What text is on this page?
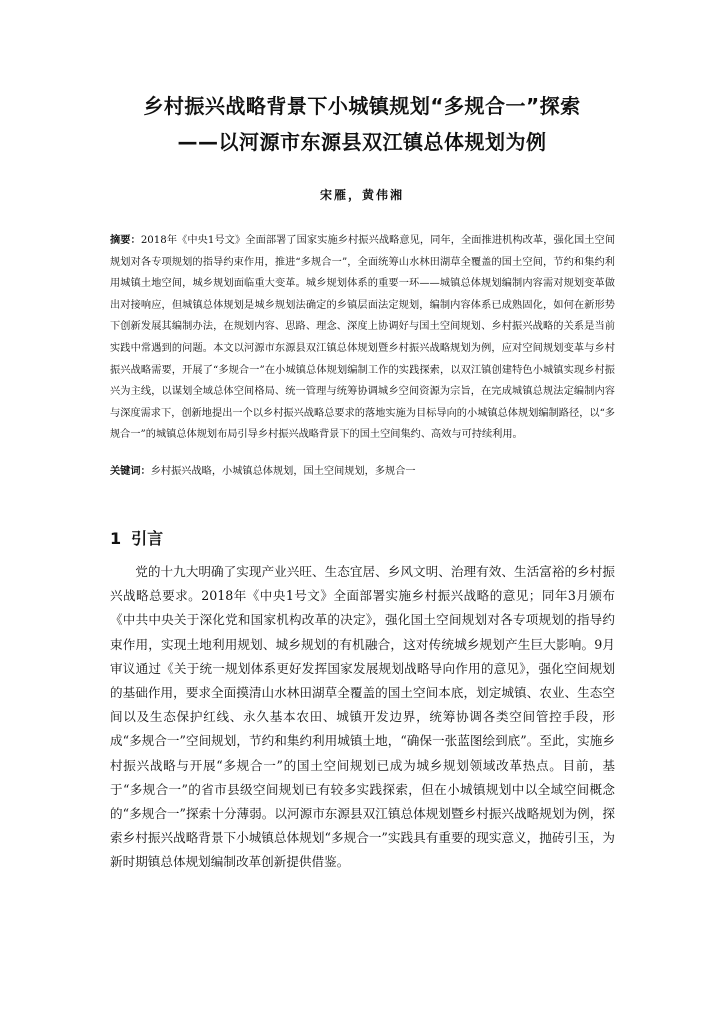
乡村振兴战略背景下小城镇规划“多规合一”探索
——以河源市东源县双江镇总体规划为例
宋雁，黄伟湘
摘要：2018年《中央1号文》全面部署了国家实施乡村振兴战略意见，同年，全面推进机构改革，强化国土空间规划对各专项规划的指导约束作用，推进“多规合一”，全面统筹山水林田湖草全覆盖的国土空间，节约和集约利用城镇土地空间，城乡规划面临重大变革。城乡规划体系的重要一环——城镇总体规划编制内容需对规划变革做出对接响应，但城镇总体规划是城乡规划法确定的乡镇层面法定规划，编制内容体系已成熟固化，如何在新形势下创新发展其编制办法，在规划内容、思路、理念、深度上协调好与国土空间规划、乡村振兴战略的关系是当前实践中常遇到的问题。本文以河源市东源县双江镇总体规划暨乡村振兴战略规划为例，应对空间规划变革与乡村振兴战略需要，开展了“多规合一”在小城镇总体规划编制工作的实践探索，以双江镇创建特色小城镇实现乡村振兴为主线，以谋划全域总体空间格局、统一管理与统筹协调城乡空间资源为宗旨，在完成城镇总规法定编制内容与深度需求下，创新地提出一个以乡村振兴战略总要求的落地实施为目标导向的小城镇总体规划编制路径，以“多规合一”的城镇总体规划布局引导乡村振兴战略背景下的国土空间集约、高效与可持续利用。
关键词：乡村振兴战略，小城镇总体规划，国土空间规划，多规合一
1 引言
党的十九大明确了实现产业兴旺、生态宜居、乡风文明、治理有效、生活富裕的乡村振兴战略总要求。2018年《中央1号文》全面部署实施乡村振兴战略的意见；同年3月颁布《中共中央关于深化党和国家机构改革的决定》，强化国土空间规划对各专项规划的指导约束作用，实现土地利用规划、城乡规划的有机融合，这对传统城乡规划产生巨大影响。9月审议通过《关于统一规划体系更好发挥国家发展规划战略导向作用的意见》，强化空间规划的基础作用，要求全面摸清山水林田湖草全覆盖的国土空间本底，划定城镇、农业、生态空间以及生态保护红线、永久基本农田、城镇开发边界，统筹协调各类空间管控手段，形成“多规合一”空间规划，节约和集约利用城镇土地，“确保一张蓝图绘到底”。至此，实施乡村振兴战略与开展“多规合一”的国土空间规划已成为城乡规划领域改革热点。目前，基于“多规合一”的省市县级空间规划已有较多实践探索，但在小城镇规划中以全域空间概念的“多规合一”探索十分薄弱。以河源市东源县双江镇总体规划暨乡村振兴战略规划为例，探索乡村振兴战略背景下小城镇总体规划“多规合一”实践具有重要的现实意义，抛砖引玉，为新时期镇总体规划编制改革创新提供借鉴。
